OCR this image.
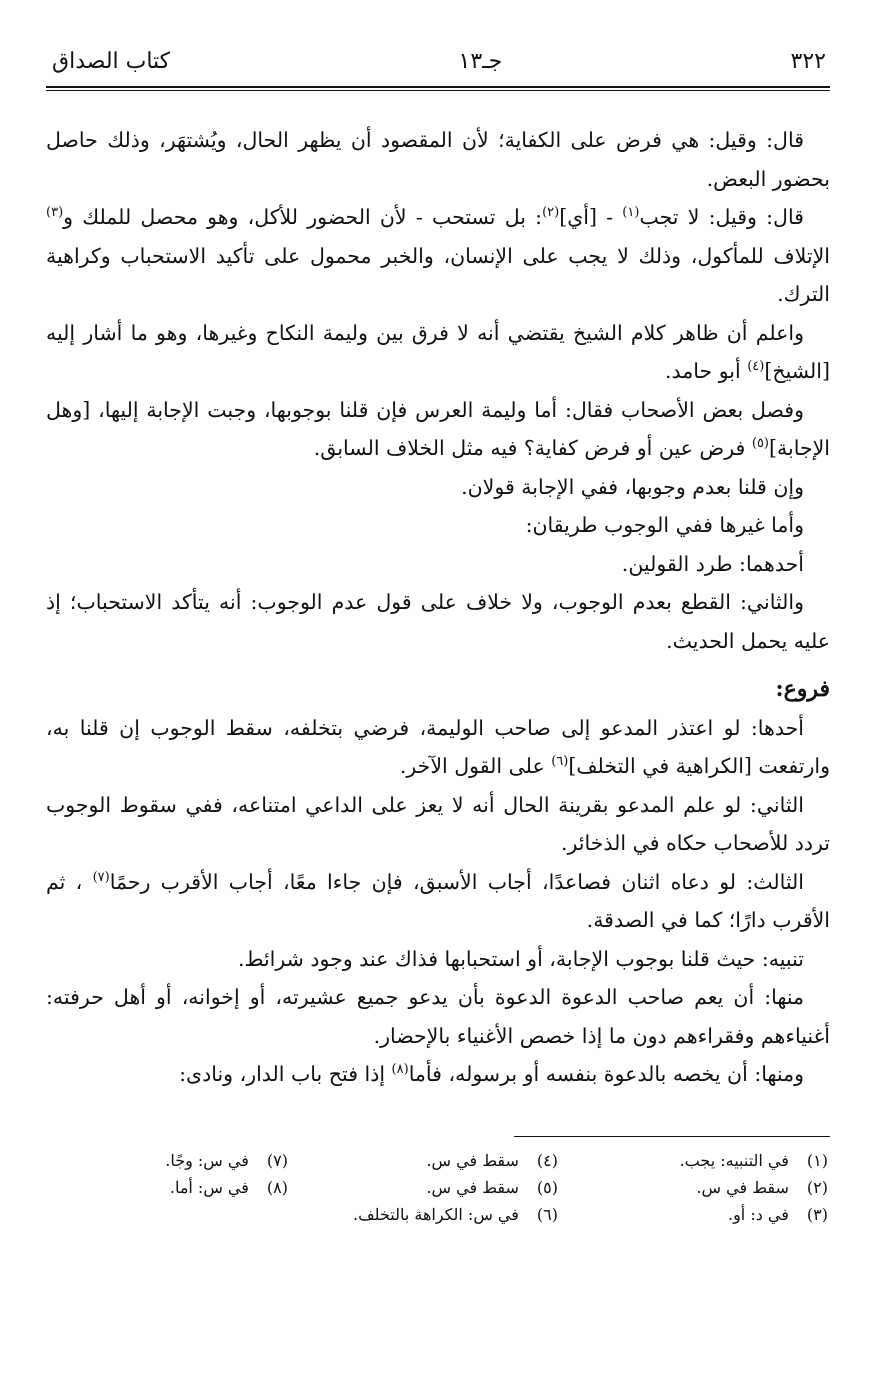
٣٢٢
جـ١٣
كتاب الصداق

قال: وقيل: هي فرض على الكفاية؛ لأن المقصود أن يظهر الحال، ويُشتهَر، وذلك حاصل بحضور البعض.

قال: وقيل: لا تجب$^{(١)}$ - [أي]$^{(٢)}$: بل تستحب - لأن الحضور للأكل، وهو محصل للملك و$^{(٣)}$ الإتلاف للمأكول، وذلك لا يجب على الإنسان، والخبر محمول على تأكيد الاستحباب وكراهية الترك.

واعلم أن ظاهر كلام الشيخ يقتضي أنه لا فرق بين وليمة النكاح وغيرها، وهو ما أشار إليه [الشيخ]$^{(٤)}$ أبو حامد.

وفصل بعض الأصحاب فقال: أما وليمة العرس فإن قلنا بوجوبها، وجبت الإجابة إليها، [وهل الإجابة]$^{(٥)}$ فرض عين أو فرض كفاية؟ فيه مثل الخلاف السابق.

وإن قلنا بعدم وجوبها، ففي الإجابة قولان.

وأما غيرها ففي الوجوب طريقان:

أحدهما: طرد القولين.

والثاني: القطع بعدم الوجوب، ولا خلاف على قول عدم الوجوب: أنه يتأكد الاستحباب؛ إذ عليه يحمل الحديث.

فروع:

أحدها: لو اعتذر المدعو إلى صاحب الوليمة، فرضي بتخلفه، سقط الوجوب إن قلنا به، وارتفعت [الكراهية في التخلف]$^{(٦)}$ على القول الآخر.

الثاني: لو علم المدعو بقرينة الحال أنه لا يعز على الداعي امتناعه، ففي سقوط الوجوب تردد للأصحاب حكاه في الذخائر.

الثالث: لو دعاه اثنان فصاعدًا، أجاب الأسبق، فإن جاءا معًا، أجاب الأقرب رحمًا$^{(٧)}$ ، ثم الأقرب دارًا؛ كما في الصدقة.

تنبيه: حيث قلنا بوجوب الإجابة، أو استحبابها فذاك عند وجود شرائط.

منها: أن يعم صاحب الدعوة الدعوة بأن يدعو جميع عشيرته، أو إخوانه، أو أهل حرفته: أغنياءهم وفقراءهم دون ما إذا خصص الأغنياء بالإحضار.

ومنها: أن يخصه بالدعوة بنفسه أو برسوله، فأما$^{(٨)}$ إذا فتح باب الدار، ونادى:

(١) في التنبيه: يجب.
(٢) سقط في س.
(٣) في د: أو.
(٤) سقط في س.
(٥) سقط في س.
(٦) في س: الكراهة بالتخلف.
(٧) في س: وجًا.
(٨) في س: أما.
